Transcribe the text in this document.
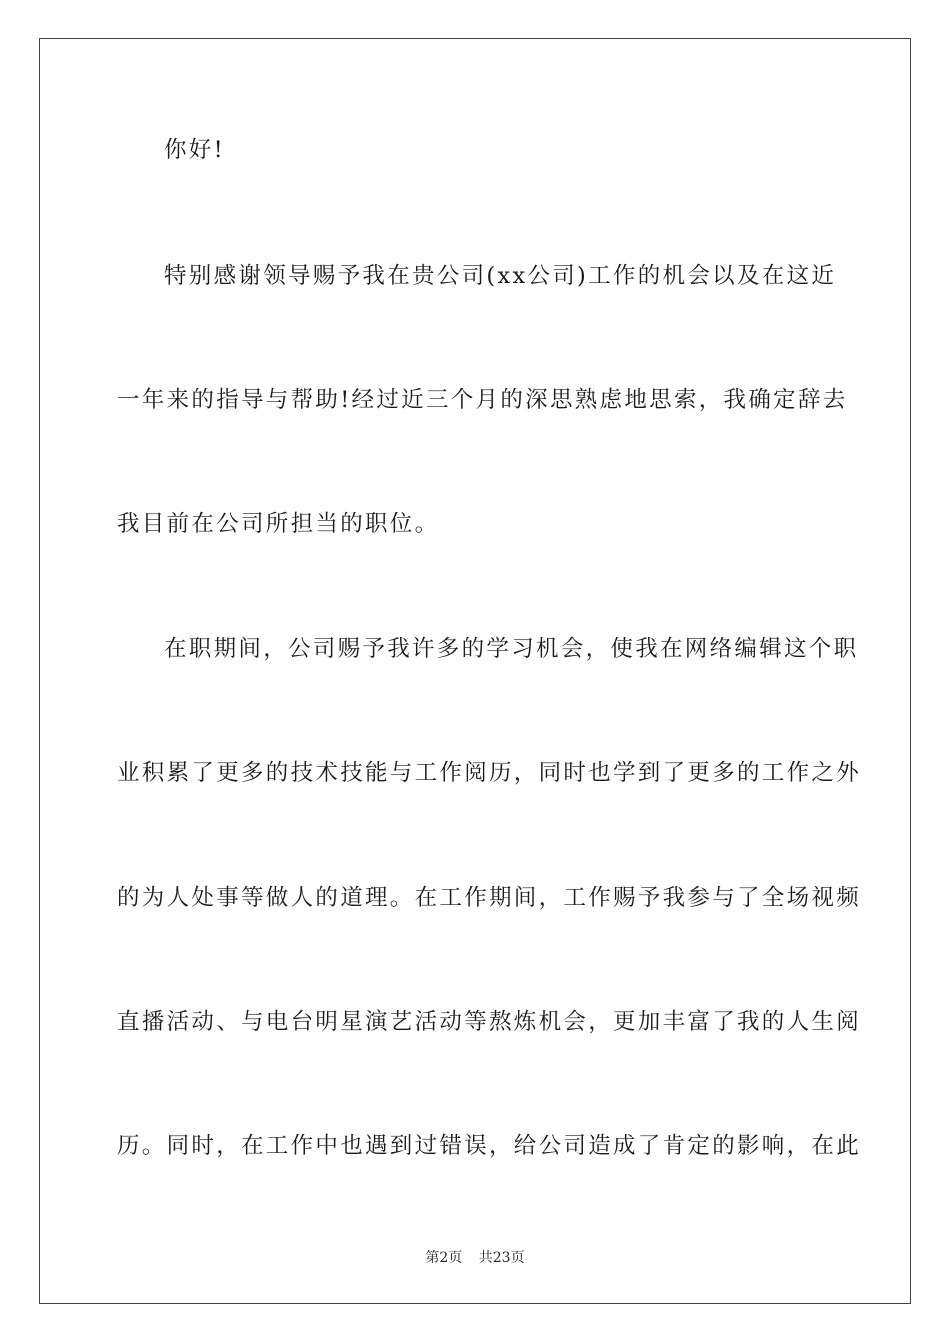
你好!
特别感谢领导赐予我在贵公司(xx公司)工作的机会以及在这近
一年来的指导与帮助!经过近三个月的深思熟虑地思索，我确定辞去
我目前在公司所担当的职位。
在职期间，公司赐予我许多的学习机会，使我在网络编辑这个职
业积累了更多的技术技能与工作阅历，同时也学到了更多的工作之外
的为人处事等做人的道理。在工作期间，工作赐予我参与了全场视频
直播活动、与电台明星演艺活动等熬炼机会，更加丰富了我的人生阅
历。同时，在工作中也遇到过错误，给公司造成了肯定的影响，在此
第2页 共23页
